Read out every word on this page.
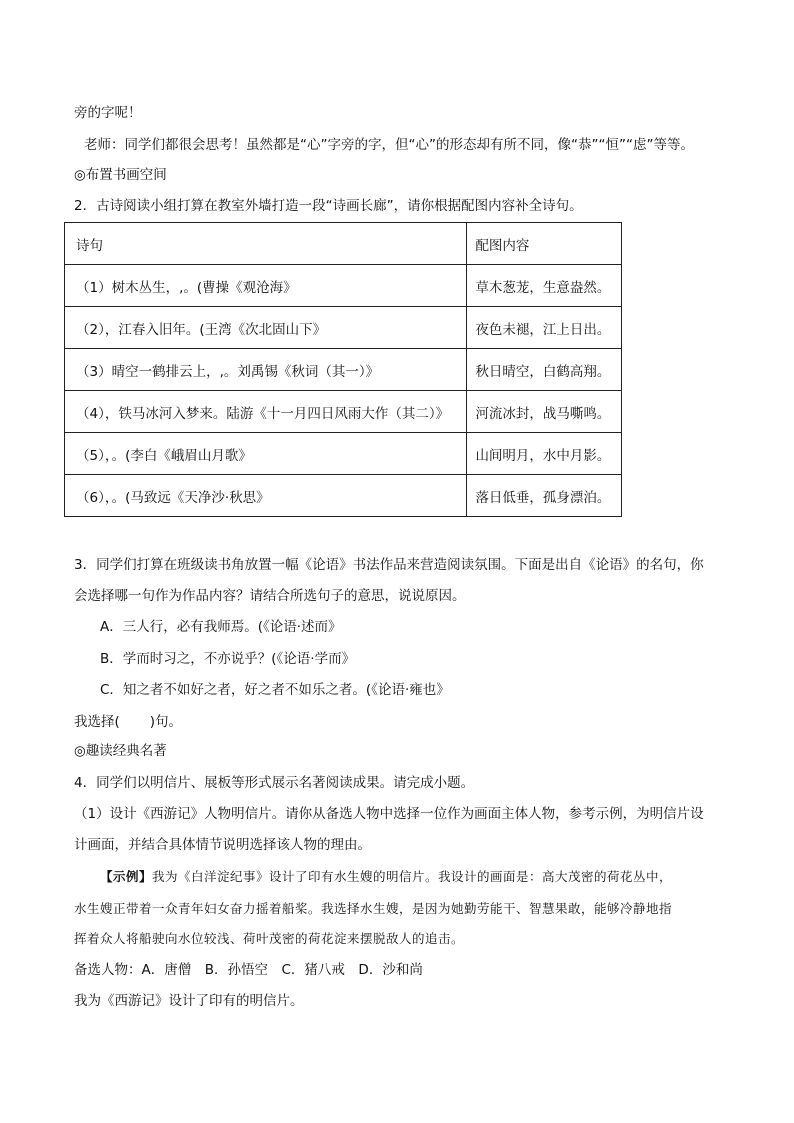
旁的字呢！
老师：同学们都很会思考！虽然都是“心”字旁的字，但“心”的形态却有所不同，像“恭”“恒”“虑”等等。
◎布置书画空间
2．古诗阅读小组打算在教室外墙打造一段“诗画长廊”，请你根据配图内容补全诗句。
诗句	配图内容
（1）树木丛生，,。(曹操《观沧海》	草木葱茏，生意盎然。
（2），江春入旧年。(王湾《次北固山下》	夜色未褪，江上日出。
（3）晴空一鹤排云上，,。刘禹锡《秋词（其一）》	秋日晴空，白鹤高翔。
（4），铁马冰河入梦来。陆游《十一月四日风雨大作（其二）》	河流冰封，战马嘶鸣。
（5），。(李白《峨眉山月歌》	山间明月，水中月影。
（6），。(马致远《天净沙·秋思》	落日低垂，孤身漂泊。
3．同学们打算在班级读书角放置一幅《论语》书法作品来营造阅读氛围。下面是出自《论语》的名句，你
会选择哪一句作为作品内容？请结合所选句子的意思，说说原因。
A．三人行，必有我师焉。(《论语·述而》
B．学而时习之，不亦说乎？(《论语·学而》
C．知之者不如好之者，好之者不如乐之者。(《论语·雍也》
我选择( )句。
◎趣读经典名著
4．同学们以明信片、展板等形式展示名著阅读成果。请完成小题。
（1）设计《西游记》人物明信片。请你从备选人物中选择一位作为画面主体人物，参考示例，为明信片设
计画面，并结合具体情节说明选择该人物的理由。
【示例】我为《白洋淀纪事》设计了印有水生嫂的明信片。我设计的画面是：高大茂密的荷花丛中，
水生嫂正带着一众青年妇女奋力摇着船桨。我选择水生嫂，是因为她勤劳能干、智慧果敢，能够冷静地指
挥着众人将船驶向水位较浅、荷叶茂密的荷花淀来摆脱敌人的追击。
备选人物：A．唐僧　B．孙悟空　C．猪八戒　D．沙和尚
我为《西游记》设计了印有的明信片。
